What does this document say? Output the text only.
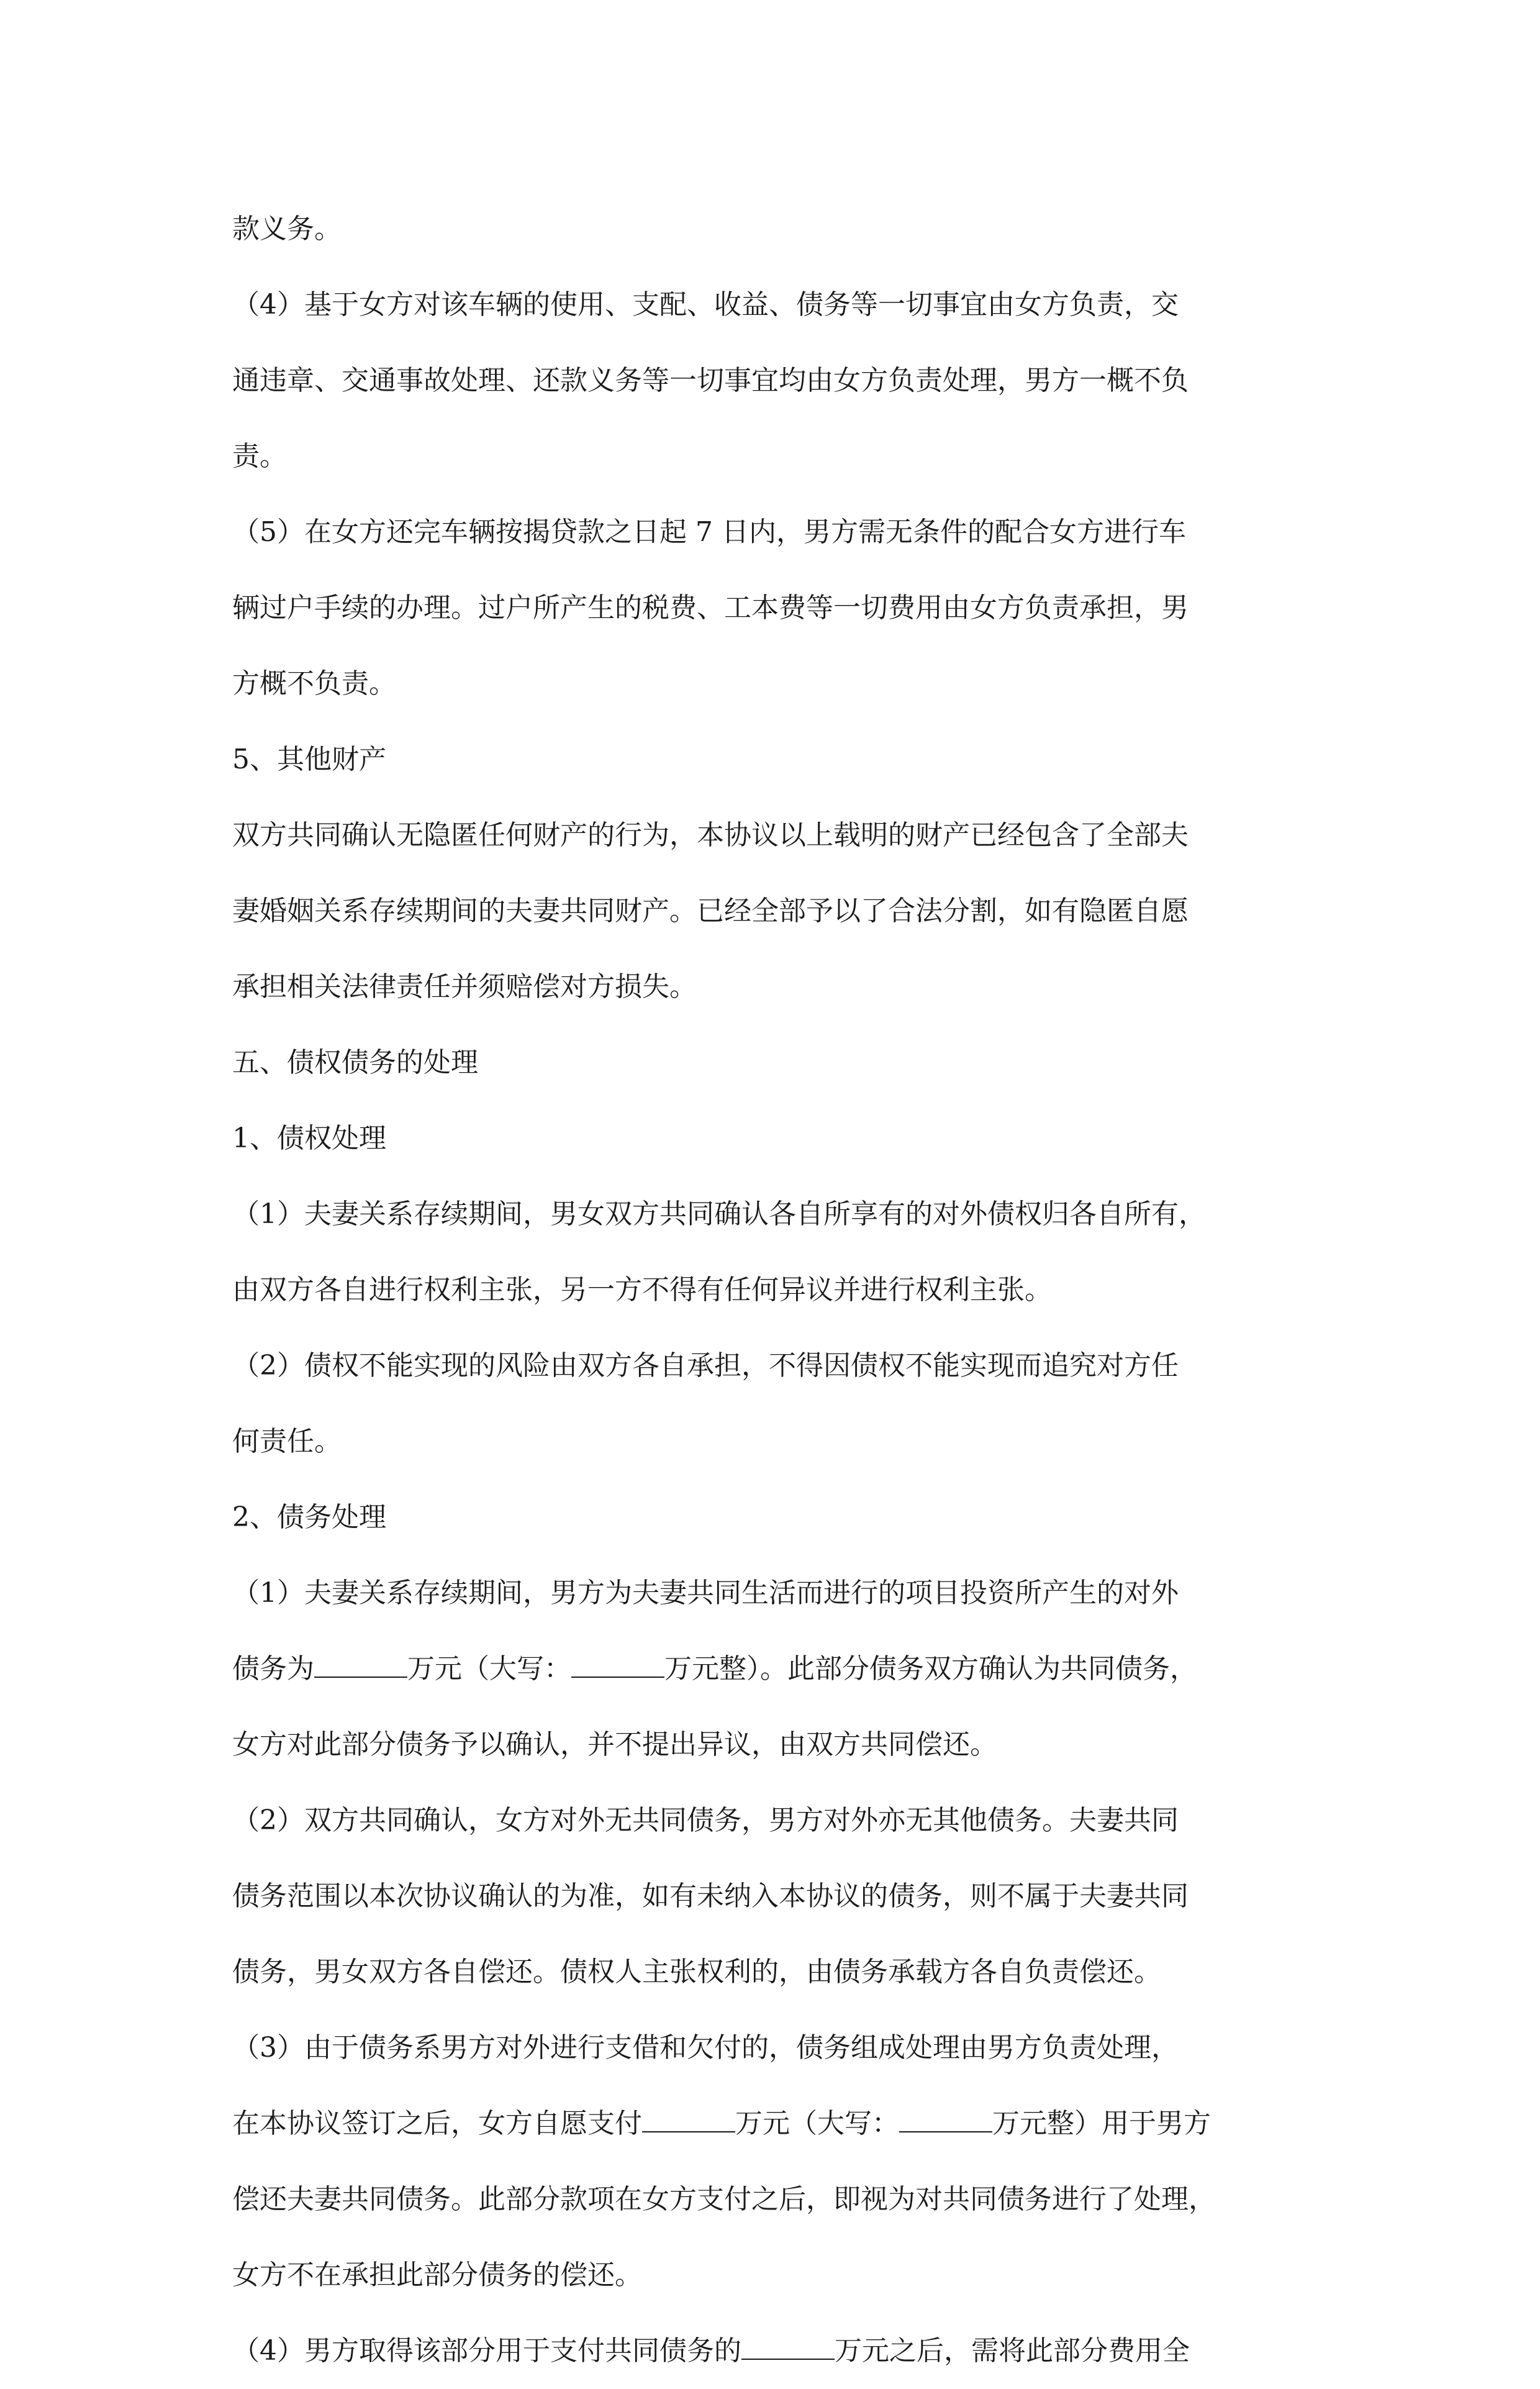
款义务。
（4）基于女方对该车辆的使用、支配、收益、债务等一切事宜由女方负责，交
通违章、交通事故处理、还款义务等一切事宜均由女方负责处理，男方一概不负
责。
（5）在女方还完车辆按揭贷款之日起 7 日内，男方需无条件的配合女方进行车
辆过户手续的办理。过户所产生的税费、工本费等一切费用由女方负责承担，男
方概不负责。
5、其他财产
双方共同确认无隐匿任何财产的行为，本协议以上载明的财产已经包含了全部夫
妻婚姻关系存续期间的夫妻共同财产。已经全部予以了合法分割，如有隐匿自愿
承担相关法律责任并须赔偿对方损失。
五、债权债务的处理
1、债权处理
（1）夫妻关系存续期间，男女双方共同确认各自所享有的对外债权归各自所有，
由双方各自进行权利主张，另一方不得有任何异议并进行权利主张。
（2）债权不能实现的风险由双方各自承担，不得因债权不能实现而追究对方任
何责任。
2、债务处理
（1）夫妻关系存续期间，男方为夫妻共同生活而进行的项目投资所产生的对外
债务为	万元（大写：	万元整）。此部分债务双方确认为共同债务，
女方对此部分债务予以确认，并不提出异议，由双方共同偿还。
（2）双方共同确认，女方对外无共同债务，男方对外亦无其他债务。夫妻共同
债务范围以本次协议确认的为准，如有未纳入本协议的债务，则不属于夫妻共同
债务，男女双方各自偿还。债权人主张权利的，由债务承载方各自负责偿还。
（3）由于债务系男方对外进行支借和欠付的，债务组成处理由男方负责处理，
在本协议签订之后，女方自愿支付	万元（大写：	万元整）用于男方
偿还夫妻共同债务。此部分款项在女方支付之后，即视为对共同债务进行了处理，
女方不在承担此部分债务的偿还。
（4）男方取得该部分用于支付共同债务的	万元之后，需将此部分费用全
